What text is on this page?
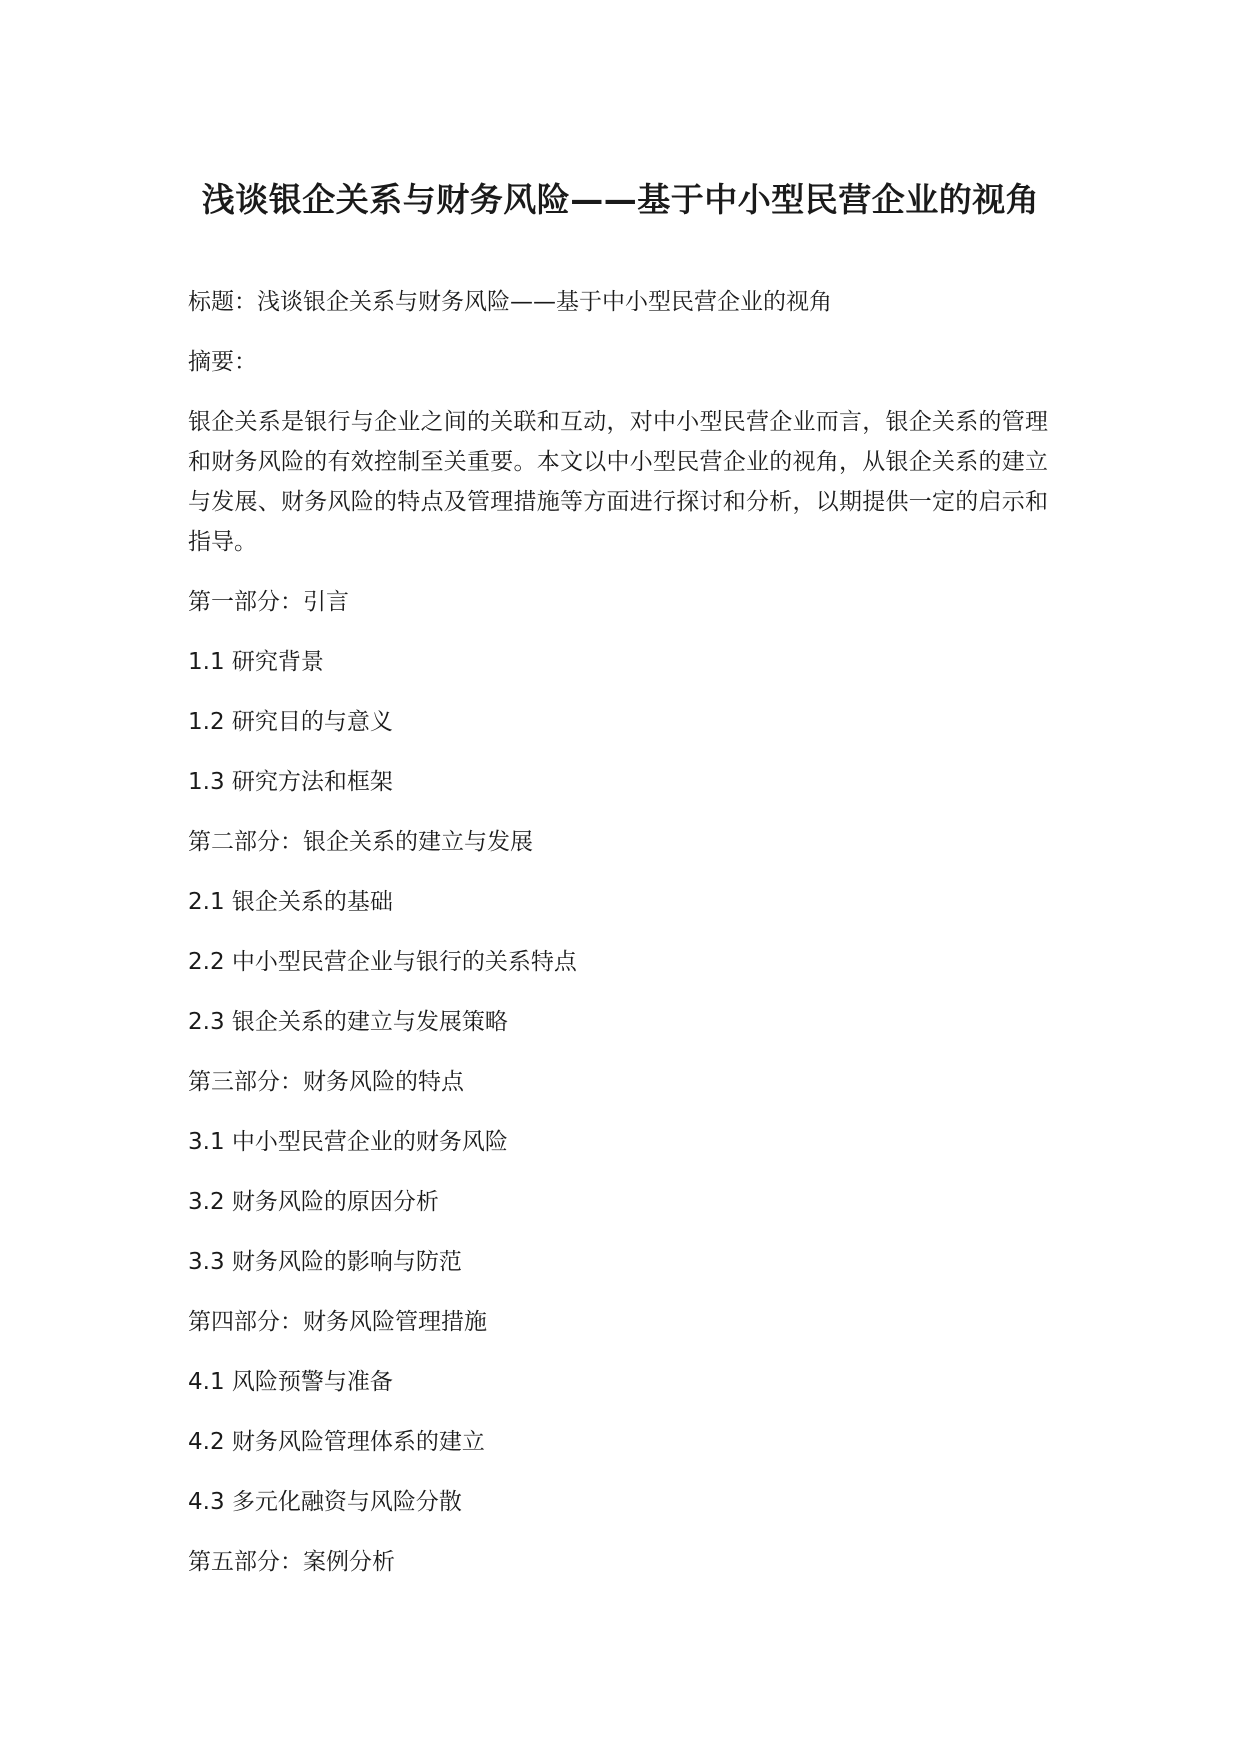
浅谈银企关系与财务风险——基于中小型民营企业的视角

标题：浅谈银企关系与财务风险——基于中小型民营企业的视角

摘要：

银企关系是银行与企业之间的关联和互动，对中小型民营企业而言，银企关系的管理和财务风险的有效控制至关重要。本文以中小型民营企业的视角，从银企关系的建立与发展、财务风险的特点及管理措施等方面进行探讨和分析，以期提供一定的启示和指导。

第一部分：引言

1.1 研究背景

1.2 研究目的与意义

1.3 研究方法和框架

第二部分：银企关系的建立与发展

2.1 银企关系的基础

2.2 中小型民营企业与银行的关系特点

2.3 银企关系的建立与发展策略

第三部分：财务风险的特点

3.1 中小型民营企业的财务风险

3.2 财务风险的原因分析

3.3 财务风险的影响与防范

第四部分：财务风险管理措施

4.1 风险预警与准备

4.2 财务风险管理体系的建立

4.3 多元化融资与风险分散

第五部分：案例分析
